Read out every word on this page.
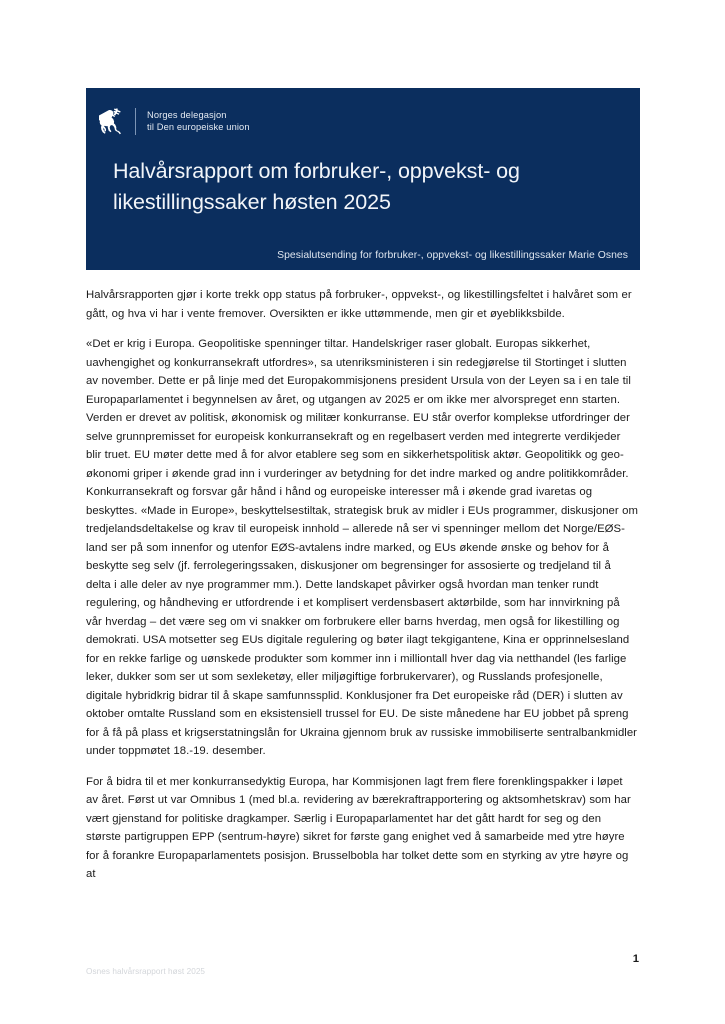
Norges delegasjon
til Den europeiske union
Halvårsrapport om forbruker-, oppvekst- og likestillingssaker høsten 2025
Spesialutsending for forbruker-, oppvekst- og likestillingssaker Marie Osnes

Halvårsrapporten gjør i korte trekk opp status på forbruker-, oppvekst-, og likestillingsfeltet i halvåret som er gått, og hva vi har i vente fremover. Oversikten er ikke uttømmende, men gir et øyeblikksbilde.

«Det er krig i Europa. Geopolitiske spenninger tiltar. Handelskriger raser globalt. Europas sikkerhet, uavhengighet og konkurransekraft utfordres», sa utenriksministeren i sin redegjørelse til Stortinget i slutten av november. Dette er på linje med det Europakommisjonens president Ursula von der Leyen sa i en tale til Europaparlamentet i begynnelsen av året, og utgangen av 2025 er om ikke mer alvorspreget enn starten. Verden er drevet av politisk, økonomisk og militær konkurranse. EU står overfor komplekse utfordringer der selve grunnpremisset for europeisk konkurransekraft og en regelbasert verden med integrerte verdikjeder blir truet. EU møter dette med å for alvor etablere seg som en sikkerhetspolitisk aktør. Geopolitikk og geo-økonomi griper i økende grad inn i vurderinger av betydning for det indre marked og andre politikkområder. Konkurransekraft og forsvar går hånd i hånd og europeiske interesser må i økende grad ivaretas og beskyttes. «Made in Europe», beskyttelsestiltak, strategisk bruk av midler i EUs programmer, diskusjoner om tredjelandsdeltakelse og krav til europeisk innhold – allerede nå ser vi spenninger mellom det Norge/EØS-land ser på som innenfor og utenfor EØS-avtalens indre marked, og EUs økende ønske og behov for å beskytte seg selv (jf. ferrolegeringssaken, diskusjoner om begrensinger for assosierte og tredjeland til å delta i alle deler av nye programmer mm.). Dette landskapet påvirker også hvordan man tenker rundt regulering, og håndheving er utfordrende i et komplisert verdensbasert aktørbilde, som har innvirkning på vår hverdag – det være seg om vi snakker om forbrukere eller barns hverdag, men også for likestilling og demokrati. USA motsetter seg EUs digitale regulering og bøter ilagt tekgigantene, Kina er opprinnelsesland for en rekke farlige og uønskede produkter som kommer inn i milliontall hver dag via netthandel (les farlige leker, dukker som ser ut som sexleketøy, eller miljøgiftige forbrukervarer), og Russlands profesjonelle, digitale hybridkrig bidrar til å skape samfunnssplid. Konklusjoner fra Det europeiske råd (DER) i slutten av oktober omtalte Russland som en eksistensiell trussel for EU. De siste månedene har EU jobbet på spreng for å få på plass et krigserstatningslån for Ukraina gjennom bruk av russiske immobiliserte sentralbankmidler under toppmøtet 18.-19. desember.

For å bidra til et mer konkurransedyktig Europa, har Kommisjonen lagt frem flere forenklingspakker i løpet av året. Først ut var Omnibus 1 (med bl.a. revidering av bærekraftrapportering og aktsomhetskrav) som har vært gjenstand for politiske dragkamper. Særlig i Europaparlamentet har det gått hardt for seg og den største partigruppen EPP (sentrum-høyre) sikret for første gang enighet ved å samarbeide med ytre høyre for å forankre Europaparlamentets posisjon. Brusselbobla har tolket dette som en styrking av ytre høyre og at

1
Osnes halvårsrapport høst 2025
